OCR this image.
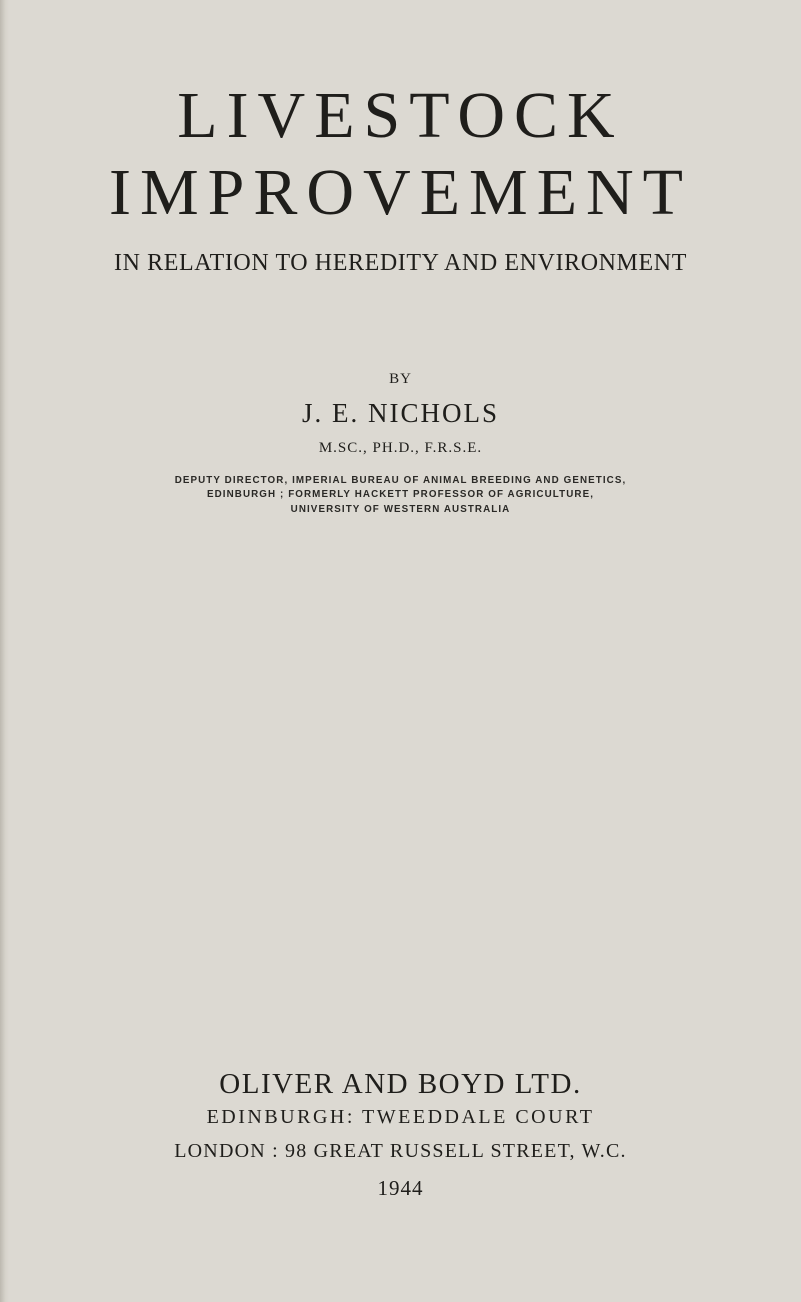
LIVESTOCK
IMPROVEMENT

IN RELATION TO HEREDITY AND ENVIRONMENT

BY

J. E. NICHOLS

M.SC., PH.D., F.R.S.E.

DEPUTY DIRECTOR, IMPERIAL BUREAU OF ANIMAL BREEDING AND GENETICS,

EDINBURGH ; FORMERLY HACKETT PROFESSOR OF AGRICULTURE,

UNIVERSITY OF WESTERN AUSTRALIA

OLIVER AND BOYD LTD.

EDINBURGH: TWEEDDALE COURT

LONDON : 98 GREAT RUSSELL STREET, W.C.

1944
